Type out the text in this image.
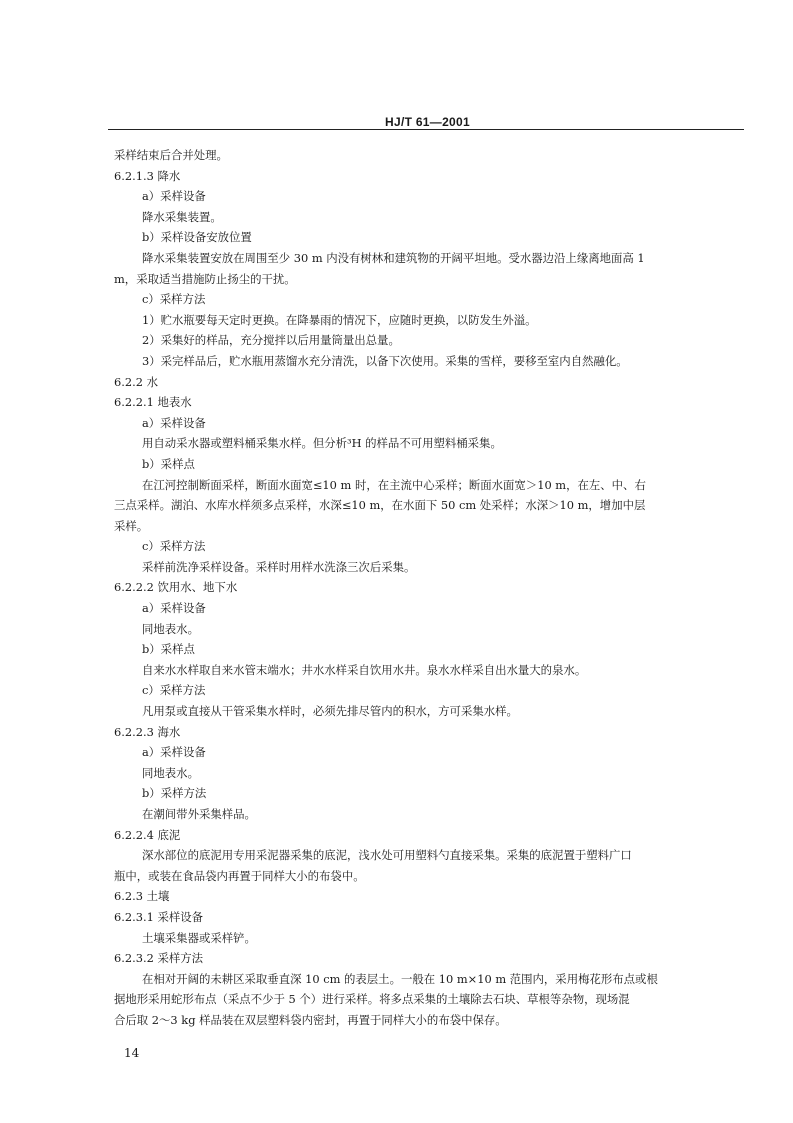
HJ/T 61—2001
采样结束后合并处理。
6.2.1.3 降水
a）采样设备
降水采集装置。
b）采样设备安放位置
降水采集装置安放在周围至少 30 m 内没有树林和建筑物的开阔平坦地。受水器边沿上缘离地面高 1
m，采取适当措施防止扬尘的干扰。
c）采样方法
1）贮水瓶要每天定时更换。在降暴雨的情况下，应随时更换，以防发生外溢。
2）采集好的样品，充分搅拌以后用量筒量出总量。
3）采完样品后，贮水瓶用蒸馏水充分清洗，以备下次使用。采集的雪样，要移至室内自然融化。
6.2.2 水
6.2.2.1 地表水
a）采样设备
用自动采水器或塑料桶采集水样。但分析³H 的样品不可用塑料桶采集。
b）采样点
在江河控制断面采样，断面水面宽≤10 m 时，在主流中心采样；断面水面宽＞10 m，在左、中、右
三点采样。湖泊、水库水样须多点采样，水深≤10 m，在水面下 50 cm 处采样；水深＞10 m，增加中层
采样。
c）采样方法
采样前洗净采样设备。采样时用样水洗涤三次后采集。
6.2.2.2 饮用水、地下水
a）采样设备
同地表水。
b）采样点
自来水水样取自来水管末端水；井水水样采自饮用水井。泉水水样采自出水量大的泉水。
c）采样方法
凡用泵或直接从干管采集水样时，必须先排尽管内的积水，方可采集水样。
6.2.2.3 海水
a）采样设备
同地表水。
b）采样方法
在潮间带外采集样品。
6.2.2.4 底泥
深水部位的底泥用专用采泥器采集的底泥，浅水处可用塑料勺直接采集。采集的底泥置于塑料广口
瓶中，或装在食品袋内再置于同样大小的布袋中。
6.2.3 土壤
6.2.3.1 采样设备
土壤采集器或采样铲。
6.2.3.2 采样方法
在相对开阔的未耕区采取垂直深 10 cm 的表层土。一般在 10 m×10 m 范围内，采用梅花形布点或根
据地形采用蛇形布点（采点不少于 5 个）进行采样。将多点采集的土壤除去石块、草根等杂物，现场混
合后取 2～3 kg 样品装在双层塑料袋内密封，再置于同样大小的布袋中保存。
14
